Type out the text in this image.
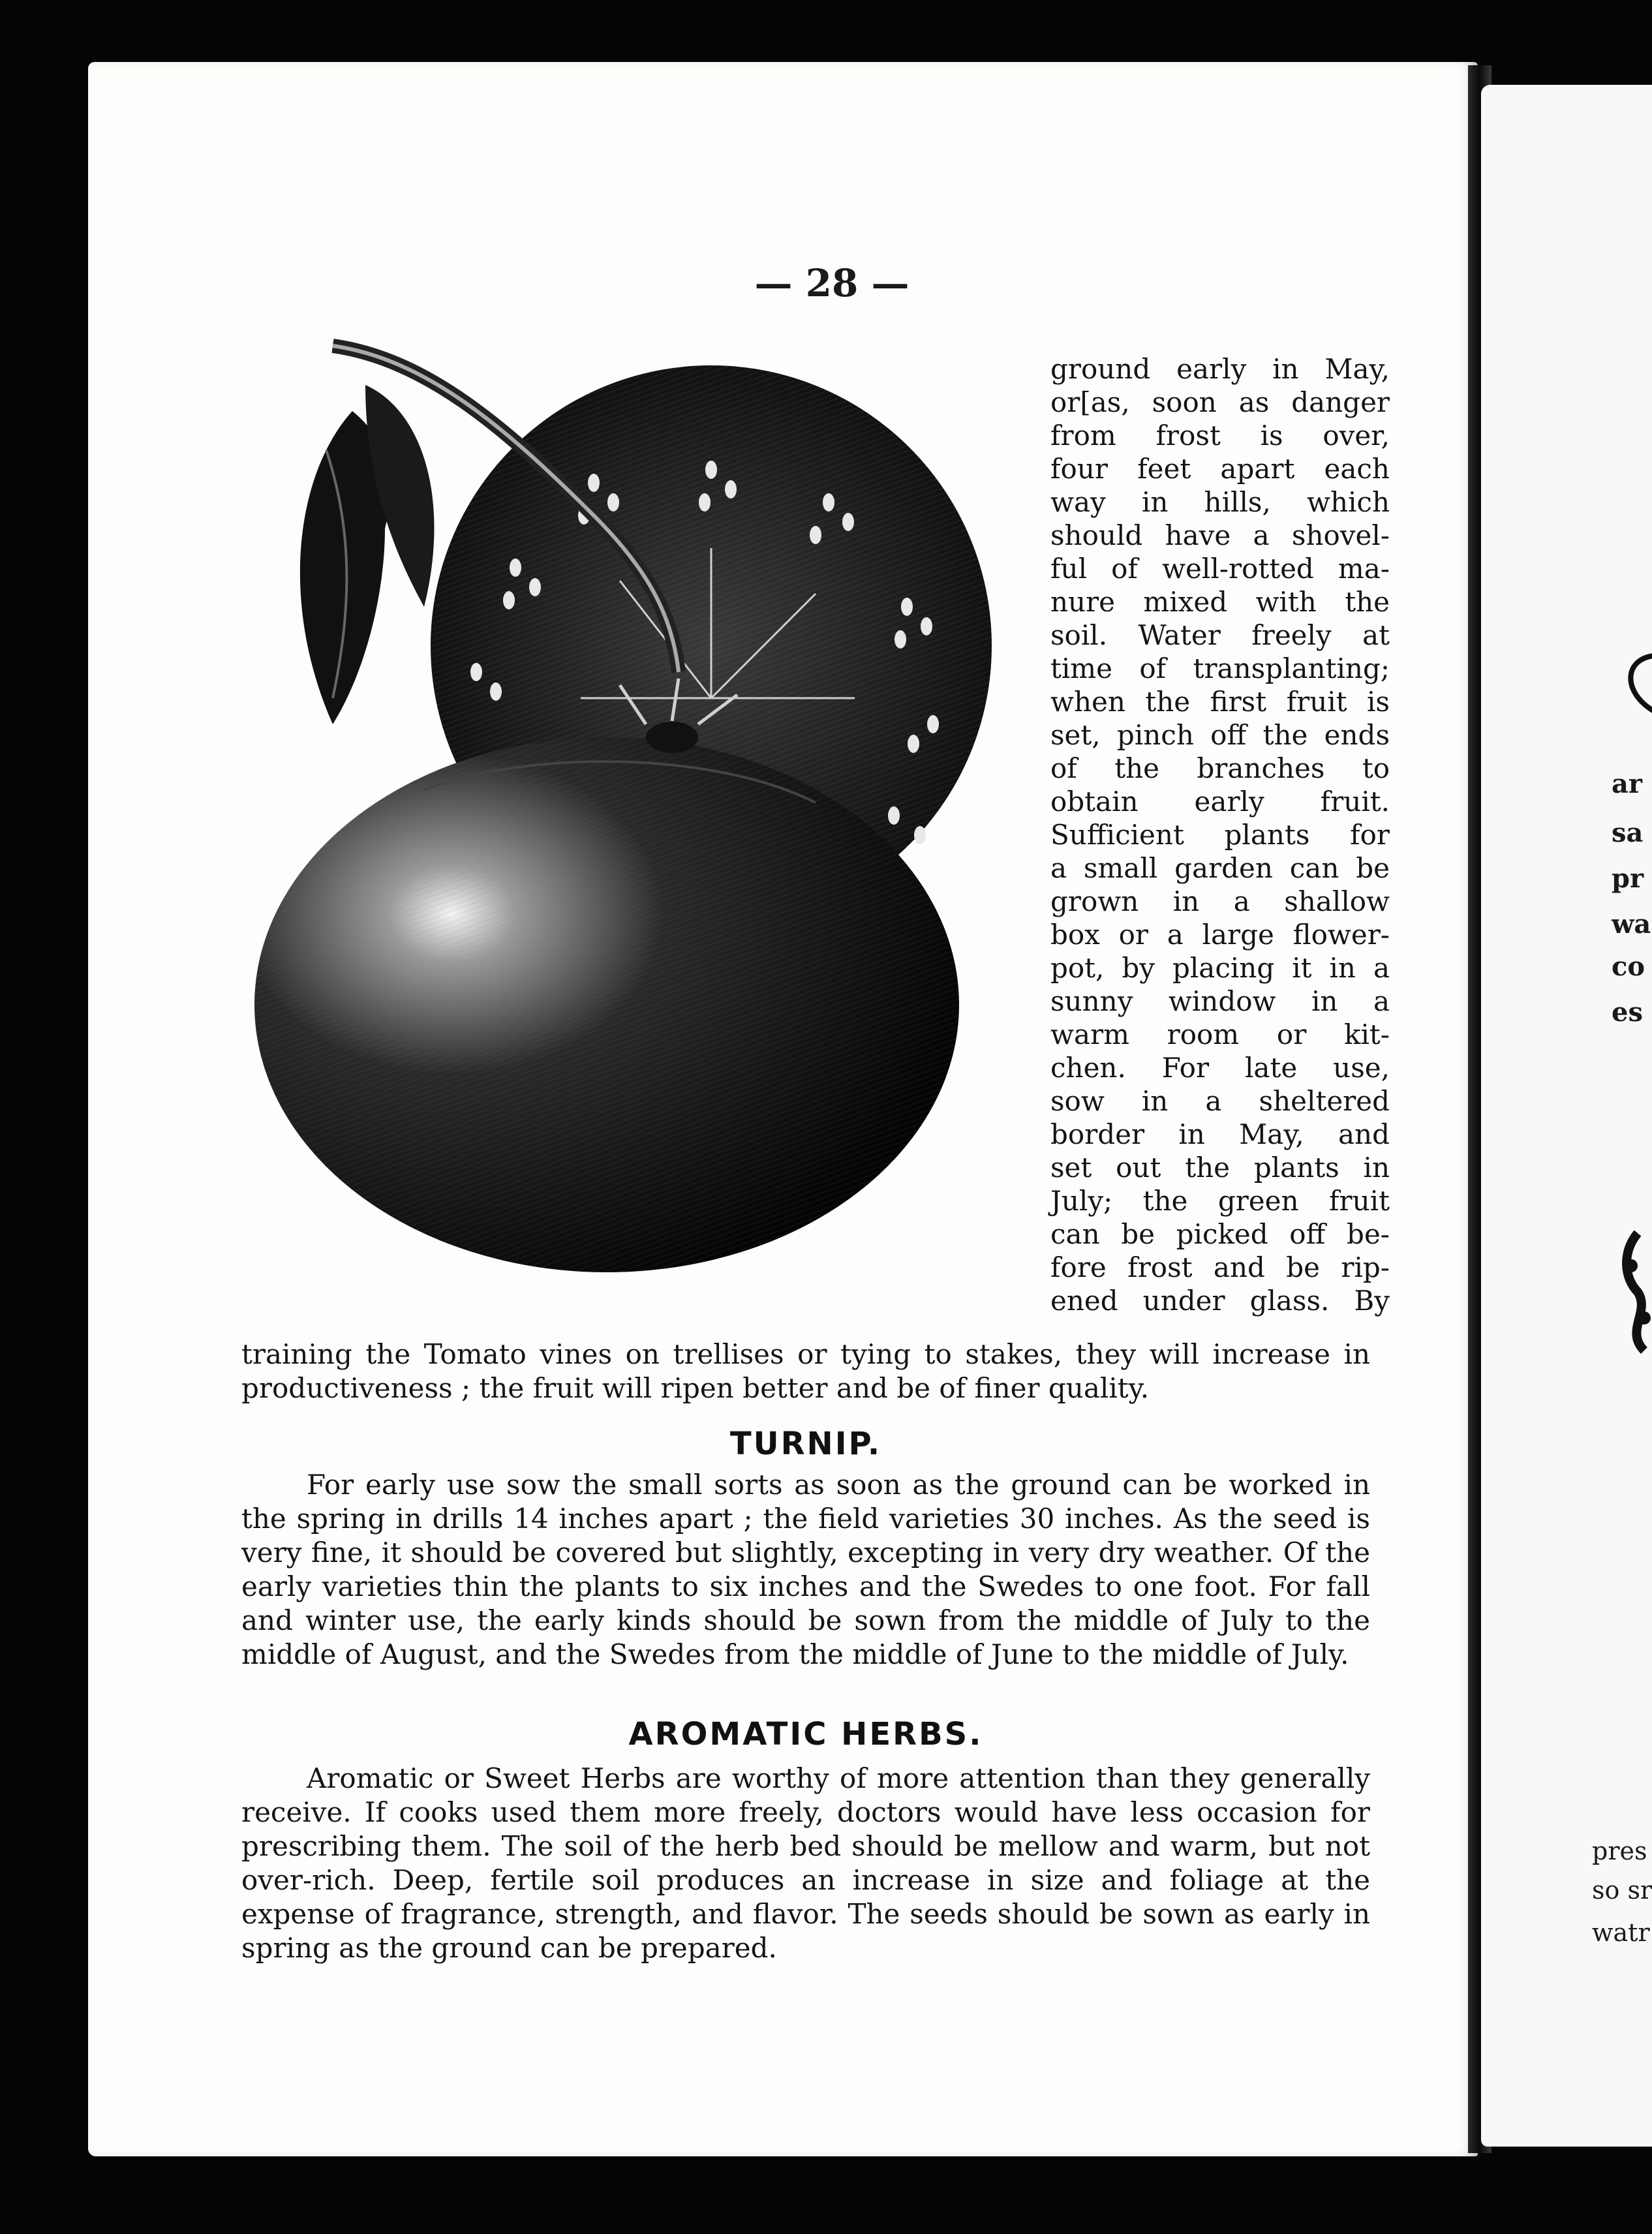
— 28 —
ground early in May,
or[as, soon as danger
from frost is over,
four feet apart each
way in hills, which
should have a shovel-
ful of well-rotted ma-
nure mixed with the
soil. Water freely at
time of transplanting;
when the first fruit is
set, pinch off the ends
of the branches to
obtain early fruit.
Sufficient plants for
a small garden can be
grown in a shallow
box or a large flower-
pot, by placing it in a
sunny window in a
warm room or kit-
chen. For late use,
sow in a sheltered
border in May, and
set out the plants in
July; the green fruit
can be picked off be-
fore frost and be rip-
ened under glass. By
training the Tomato vines on trellises or tying to stakes, they will increase in productiveness ; the fruit will ripen better and be of finer quality.
TURNIP.
For early use sow the small sorts as soon as the ground can be worked in the spring in drills 14 inches apart ; the field varieties 30 inches. As the seed is very fine, it should be covered but slightly, excepting in very dry weather. Of the early varieties thin the plants to six inches and the Swedes to one foot. For fall and winter use, the early kinds should be sown from the middle of July to the middle of August, and the Swedes from the middle of June to the middle of July.
AROMATIC HERBS.
Aromatic or Sweet Herbs are worthy of more attention than they generally receive. If cooks used them more freely, doctors would have less occasion for prescribing them. The soil of the herb bed should be mellow and warm, but not over-rich. Deep, fertile soil produces an increase in size and foliage at the expense of fragrance, strength, and flavor. The seeds should be sown as early in spring as the ground can be prepared.
ar
sa
pr
wa
co
es
pres
so sr
watr
